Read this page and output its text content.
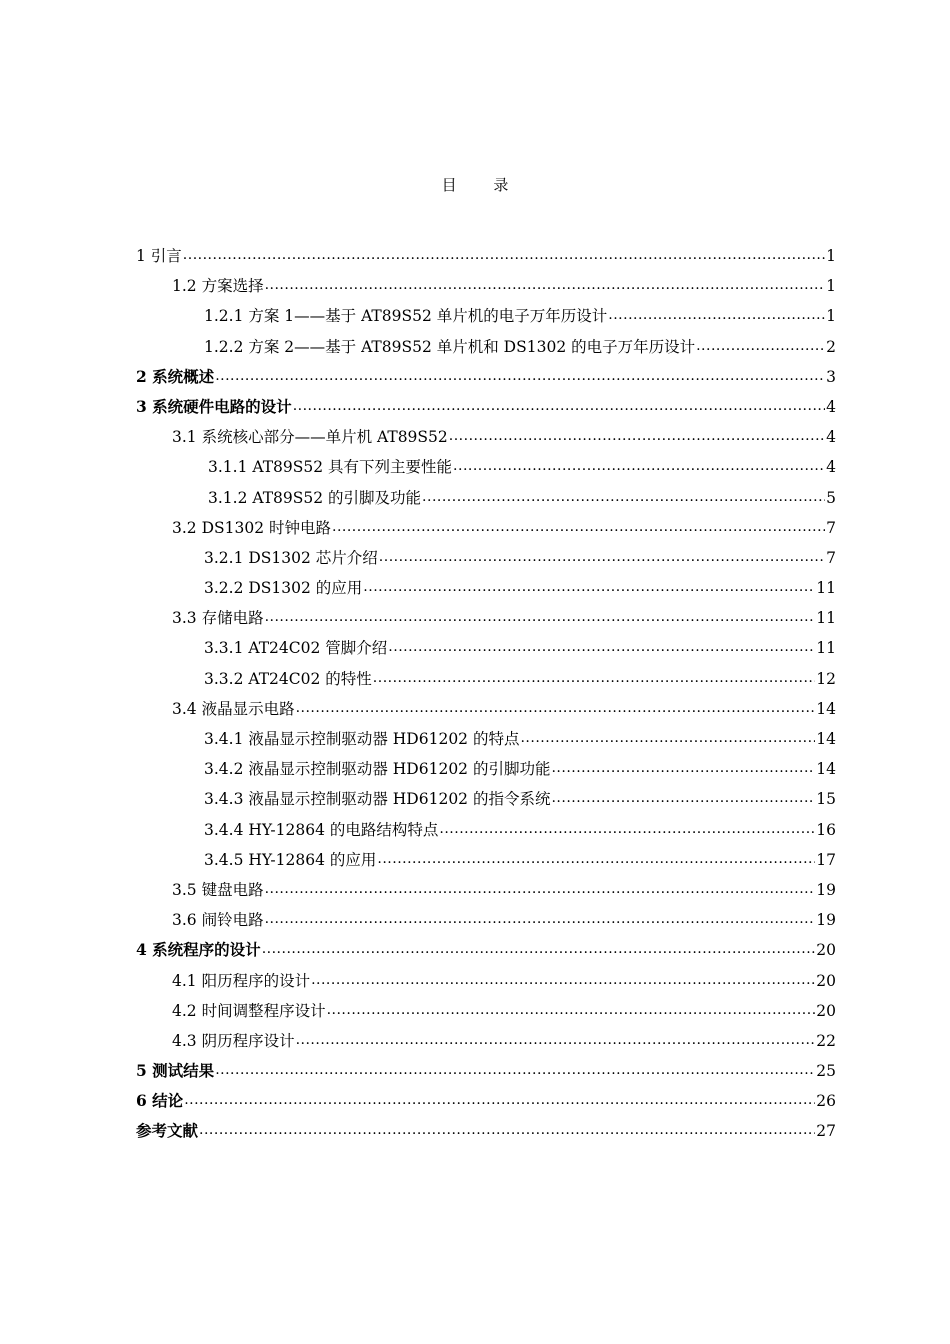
目 录
1 引言 .....	1
1.2 方案选择 .....	1
1.2.1 方案 1——基于 AT89S52 单片机的电子万年历设计 .....	1
1.2.2 方案 2——基于 AT89S52 单片机和 DS1302 的电子万年历设计 .....	2
2 系统概述 .....	3
3 系统硬件电路的设计 .....	4
3.1 系统核心部分——单片机 AT89S52 .....	4
3.1.1 AT89S52 具有下列主要性能 .....	4
3.1.2 AT89S52 的引脚及功能 .....	5
3.2 DS1302 时钟电路 .....	7
3.2.1 DS1302 芯片介绍 .....	7
3.2.2 DS1302 的应用 .....	11
3.3 存储电路 .....	11
3.3.1 AT24C02 管脚介绍 .....	11
3.3.2 AT24C02 的特性 .....	12
3.4 液晶显示电路 .....	14
3.4.1 液晶显示控制驱动器 HD61202 的特点 .....	14
3.4.2 液晶显示控制驱动器 HD61202 的引脚功能 .....	14
3.4.3 液晶显示控制驱动器 HD61202 的指令系统 .....	15
3.4.4 HY-12864 的电路结构特点 .....	16
3.4.5 HY-12864 的应用 .....	17
3.5 键盘电路 .....	19
3.6 闹铃电路 .....	19
4 系统程序的设计 .....	20
4.1 阳历程序的设计 .....	20
4.2 时间调整程序设计 .....	20
4.3 阴历程序设计 .....	22
5 测试结果 .....	25
6 结论 .....	26
参考文献 .....	27
